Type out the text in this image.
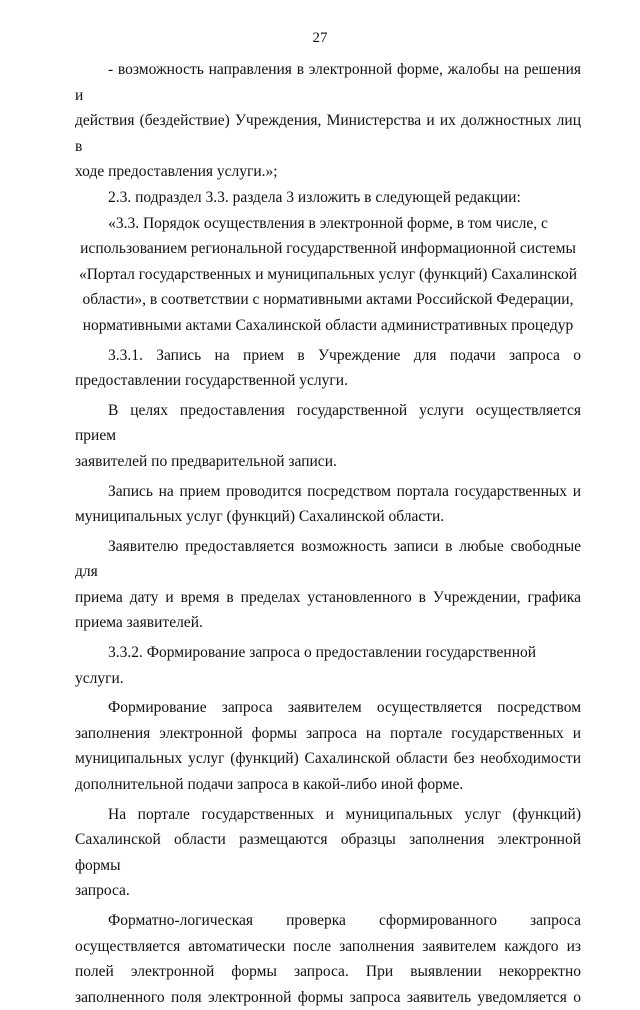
27
- возможность направления в электронной форме, жалобы на решения и
действия (бездействие) Учреждения, Министерства и их должностных лиц в
ходе предоставления услуги.»;
2.3. подраздел 3.3. раздела 3 изложить в следующей редакции:
«3.3. Порядок осуществления в электронной форме, в том числе, с
использованием региональной государственной информационной системы
«Портал государственных и муниципальных услуг (функций) Сахалинской
области», в соответствии с нормативными актами Российской Федерации,
нормативными актами Сахалинской области административных процедур
3.3.1. Запись на прием в Учреждение для подачи запроса о
предоставлении государственной услуги.
В целях предоставления государственной услуги осуществляется прием
заявителей по предварительной записи.
Запись на прием проводится посредством портала государственных и
муниципальных услуг (функций) Сахалинской области.
Заявителю предоставляется возможность записи в любые свободные для
приема дату и время в пределах установленного в Учреждении, графика
приема заявителей.
3.3.2. Формирование запроса о предоставлении государственной услуги.
Формирование запроса заявителем осуществляется посредством
заполнения электронной формы запроса на портале государственных и
муниципальных услуг (функций) Сахалинской области без необходимости
дополнительной подачи запроса в какой-либо иной форме.
На портале государственных и муниципальных услуг (функций)
Сахалинской области размещаются образцы заполнения электронной формы
запроса.
Форматно-логическая проверка сформированного запроса
осуществляется автоматически после заполнения заявителем каждого из
полей электронной формы запроса. При выявлении некорректно
заполненного поля электронной формы запроса заявитель уведомляется о
